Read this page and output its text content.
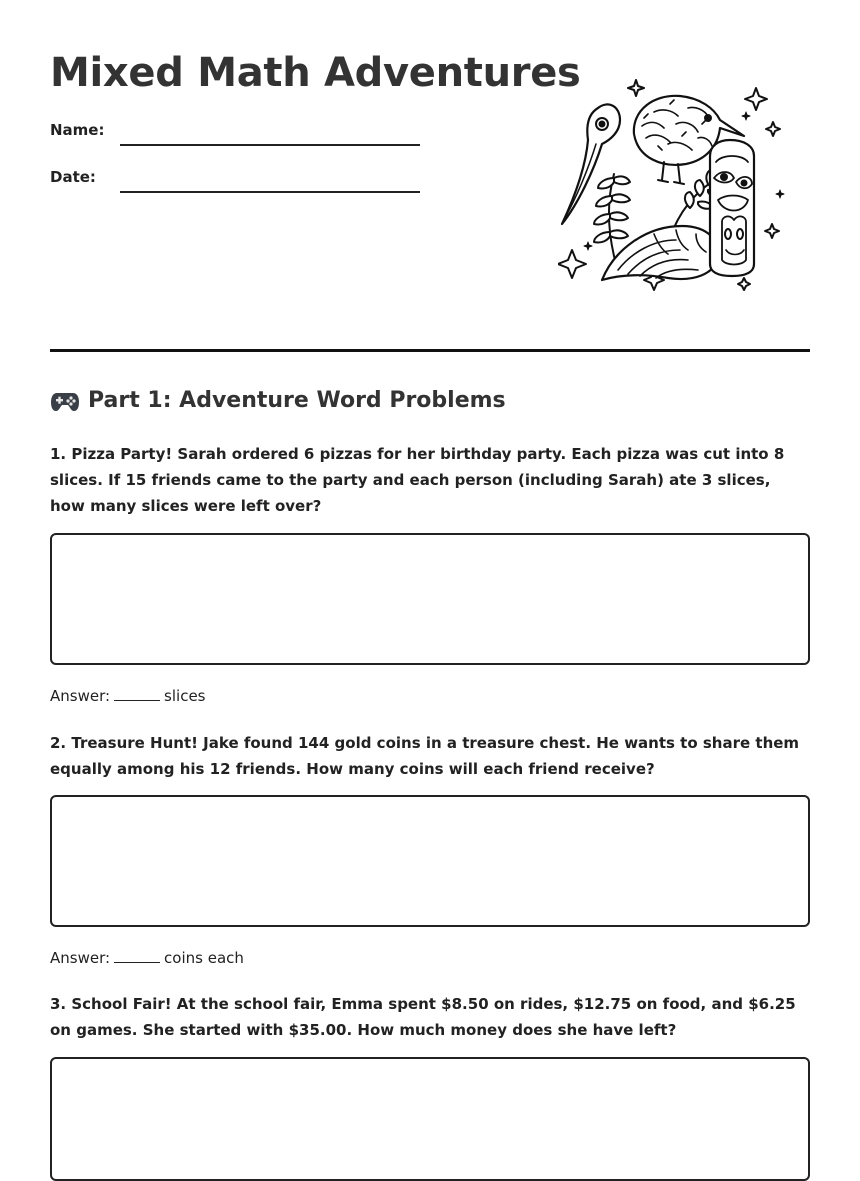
Mixed Math Adventures
Name:
Date:
Part 1: Adventure Word Problems

1. Pizza Party! Sarah ordered 6 pizzas for her birthday party. Each pizza was cut into 8 slices. If 15 friends came to the party and each person (including Sarah) ate 3 slices, how many slices were left over?

Answer:	slices

2. Treasure Hunt! Jake found 144 gold coins in a treasure chest. He wants to share them equally among his 12 friends. How many coins will each friend receive?

Answer:	coins each

3. School Fair! At the school fair, Emma spent $8.50 on rides, $12.75 on food, and $6.25 on games. She started with $35.00. How much money does she have left?
